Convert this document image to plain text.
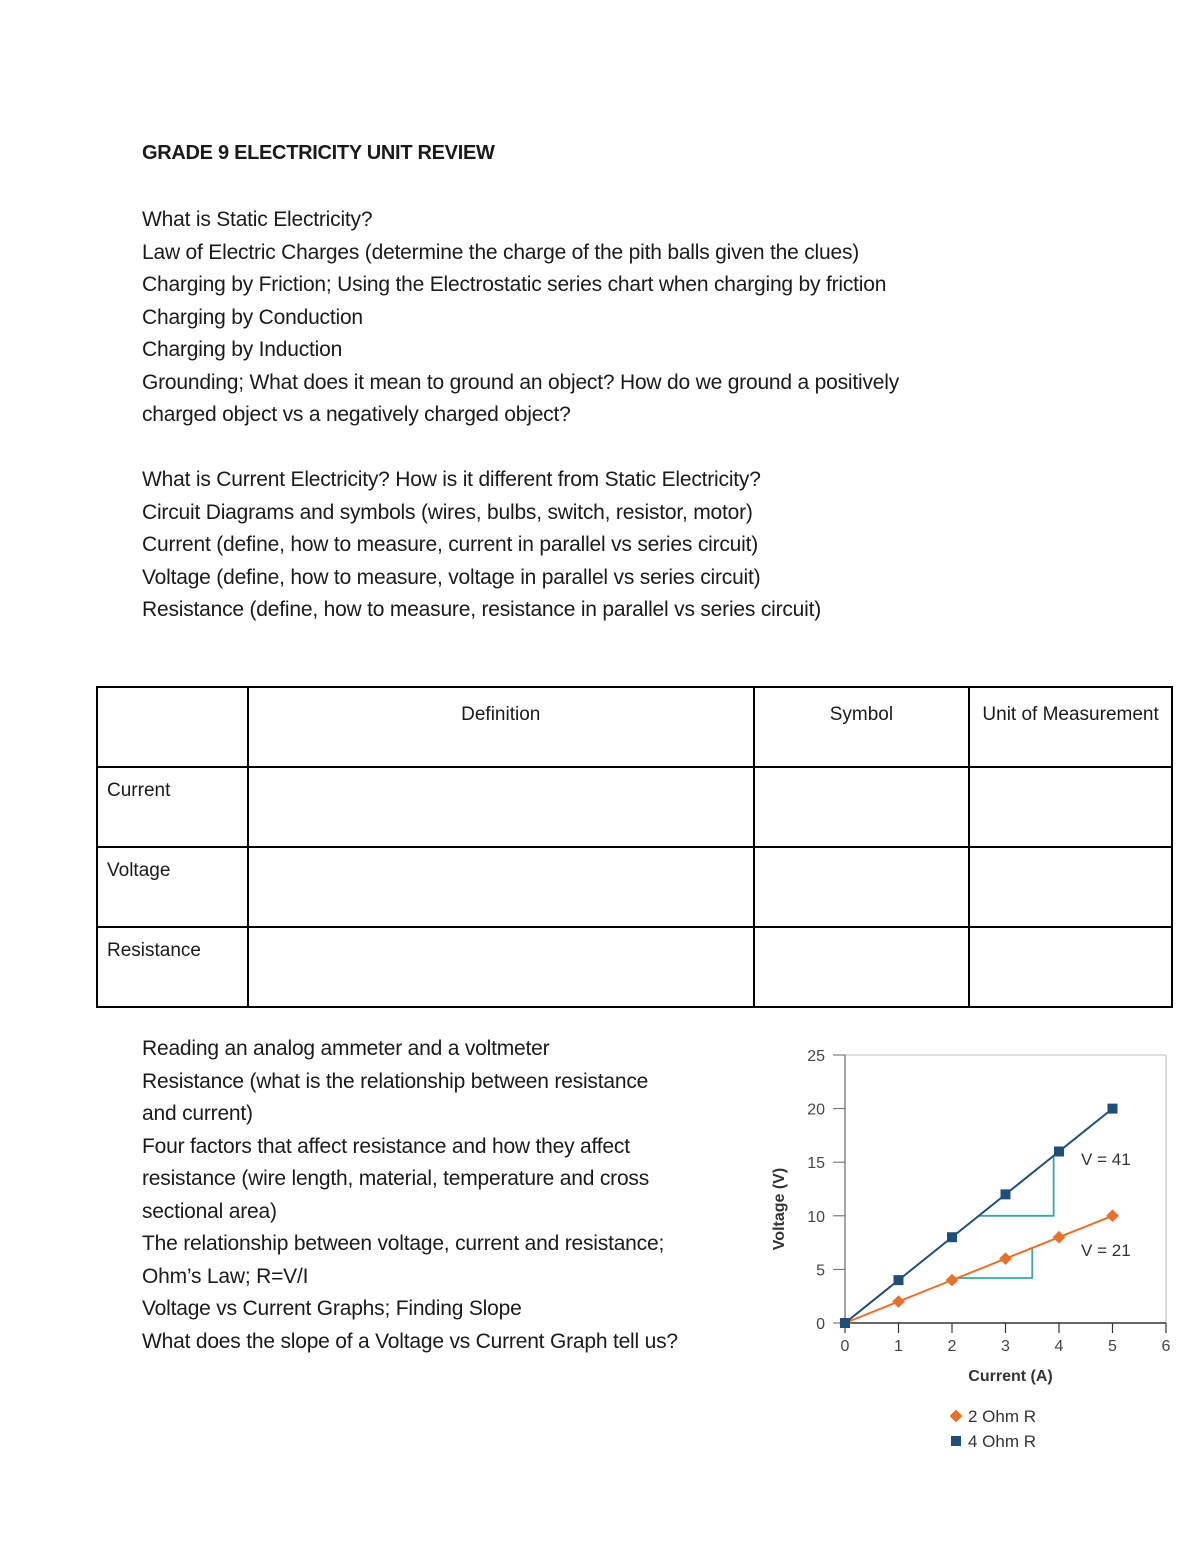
GRADE 9 ELECTRICITY UNIT REVIEW
What is Static Electricity?
Law of Electric Charges (determine the charge of the pith balls given the clues)
Charging by Friction; Using the Electrostatic series chart when charging by friction
Charging by Conduction
Charging by Induction
Grounding; What does it mean to ground an object? How do we ground a positively
charged object vs a negatively charged object?
What is Current Electricity? How is it different from Static Electricity?
Circuit Diagrams and symbols (wires, bulbs, switch, resistor, motor)
Current (define, how to measure, current in parallel vs series circuit)
Voltage (define, how to measure, voltage in parallel vs series circuit)
Resistance (define, how to measure, resistance in parallel vs series circuit)
	Definition	Symbol	Unit of Measurement
Current			
Voltage			
Resistance			
Reading an analog ammeter and a voltmeter
Resistance (what is the relationship between resistance
and current)
Four factors that affect resistance and how they affect
resistance (wire length, material, temperature and cross
sectional area)
The relationship between voltage, current and resistance;
Ohm’s Law; R=V/I
Voltage vs Current Graphs; Finding Slope
What does the slope of a Voltage vs Current Graph tell us?
0
5
10
15
20
25
0	1	2	3	4	5	6
Current (A)
Voltage (V)
V = 41
V = 21
2 Ohm R
4 Ohm R
